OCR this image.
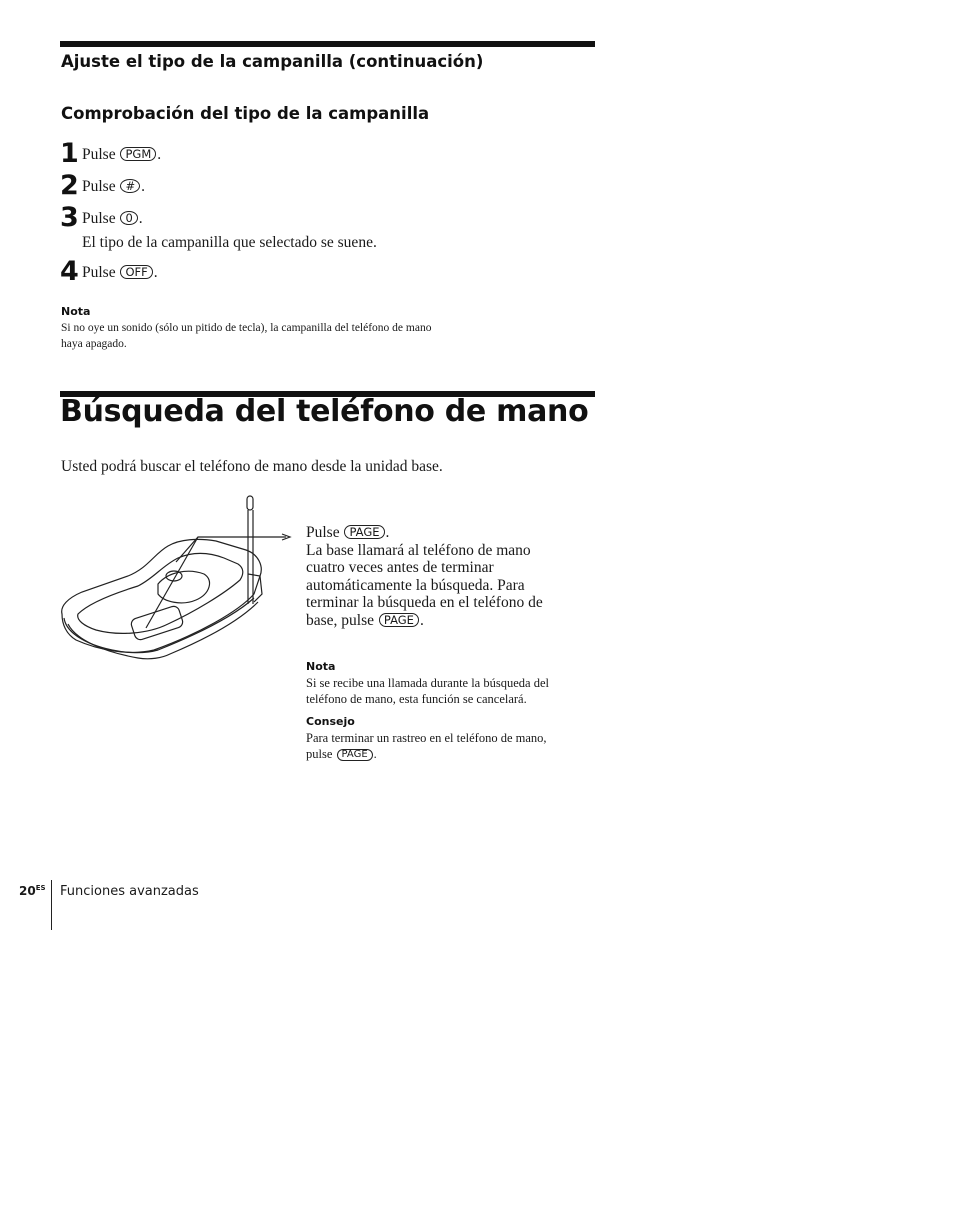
Ajuste el tipo de la campanilla (continuación)
Comprobación del tipo de la campanilla
1 Pulse PGM .
2 Pulse # .
3 Pulse 0 .
El tipo de la campanilla que selectado se suene.
4 Pulse OFF .
Nota
Si no oye un sonido (sólo un pitido de tecla), la campanilla del teléfono de mano
haya apagado.
Búsqueda del teléfono de mano
Usted podrá buscar el teléfono de mano desde la unidad base.
Pulse PAGE .
La base llamará al teléfono de mano
cuatro veces antes de terminar
automáticamente la búsqueda. Para
terminar la búsqueda en el teléfono de
base, pulse PAGE .
Nota
Si se recibe una llamada durante la búsqueda del
teléfono de mano, esta función se cancelará.
Consejo
Para terminar un rastreo en el teléfono de mano,
pulse PAGE .
$20^{ES}$ Funciones avanzadas
